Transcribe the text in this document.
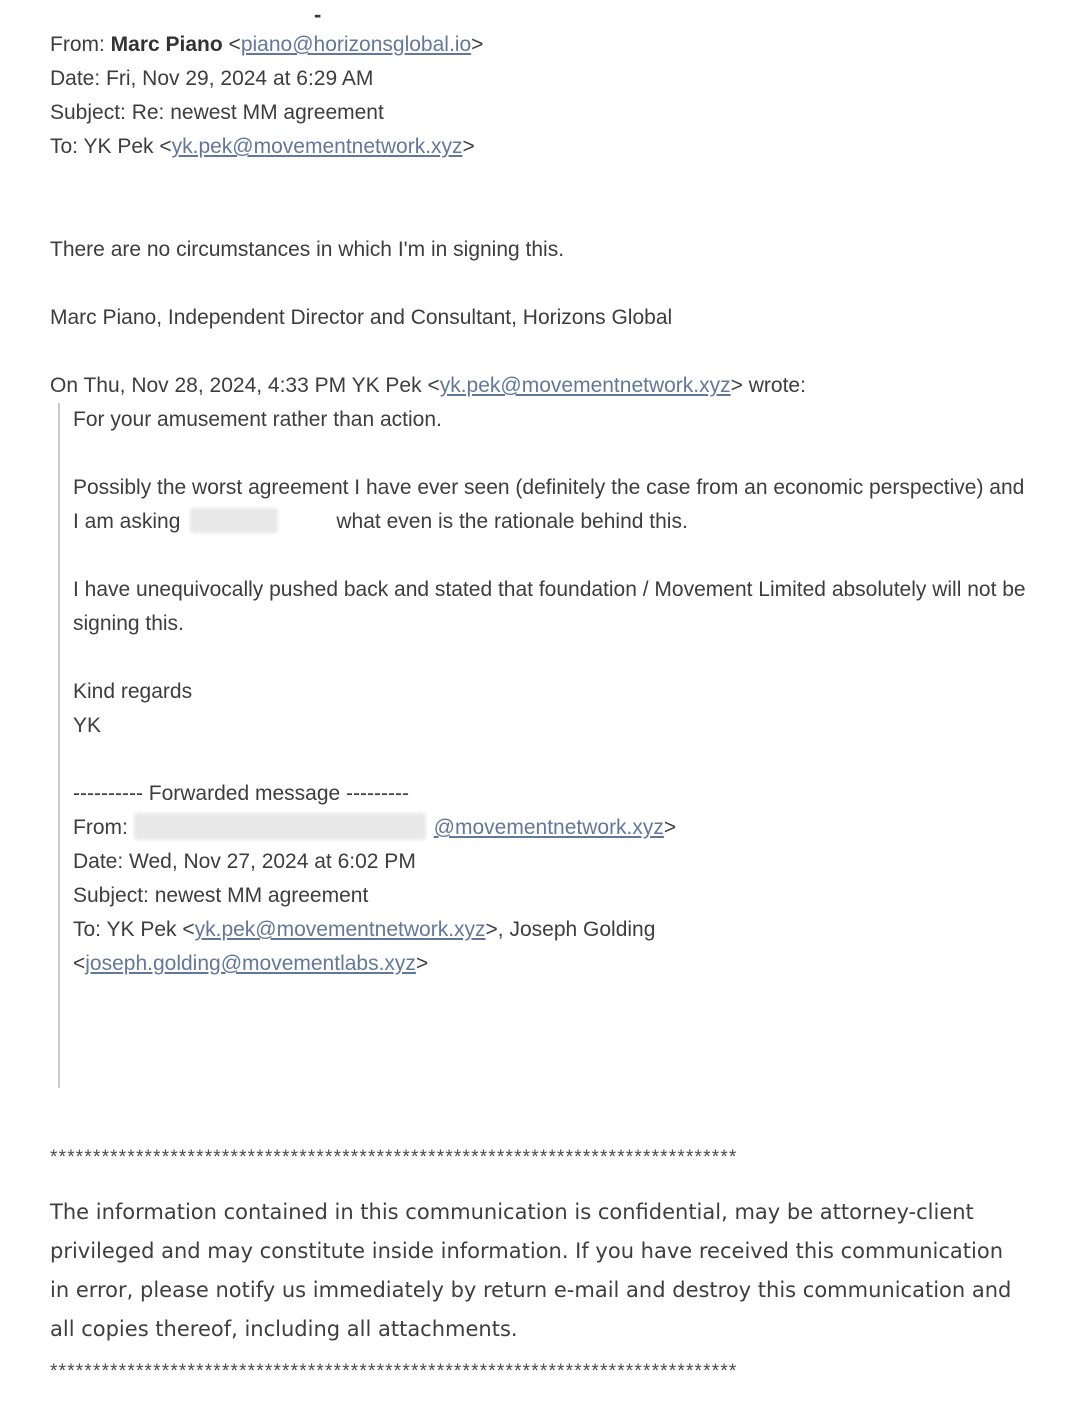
-
From: Marc Piano <piano@horizonsglobal.io>
Date: Fri, Nov 29, 2024 at 6:29 AM
Subject: Re: newest MM agreement
To: YK Pek <yk.pek@movementnetwork.xyz>

There are no circumstances in which I'm in signing this.

Marc Piano, Independent Director and Consultant, Horizons Global

On Thu, Nov 28, 2024, 4:33 PM YK Pek <yk.pek@movementnetwork.xyz> wrote:

For your amusement rather than action.

Possibly the worst agreement I have ever seen (definitely the case from an economic perspective) and I am asking	what even is the rationale behind this.

I have unequivocally pushed back and stated that foundation / Movement Limited absolutely will not be signing this.

Kind regards
YK

---------- Forwarded message ---------
From:	@movementnetwork.xyz>
Date: Wed, Nov 27, 2024 at 6:02 PM
Subject: newest MM agreement
To: YK Pek <yk.pek@movementnetwork.xyz>, Joseph Golding
<joseph.golding@movementlabs.xyz>
********************************************************************************

The information contained in this communication is confidential, may be attorney-client privileged and may constitute inside information. If you have received this communication in error, please notify us immediately by return e-mail and destroy this communication and all copies thereof, including all attachments.

********************************************************************************
